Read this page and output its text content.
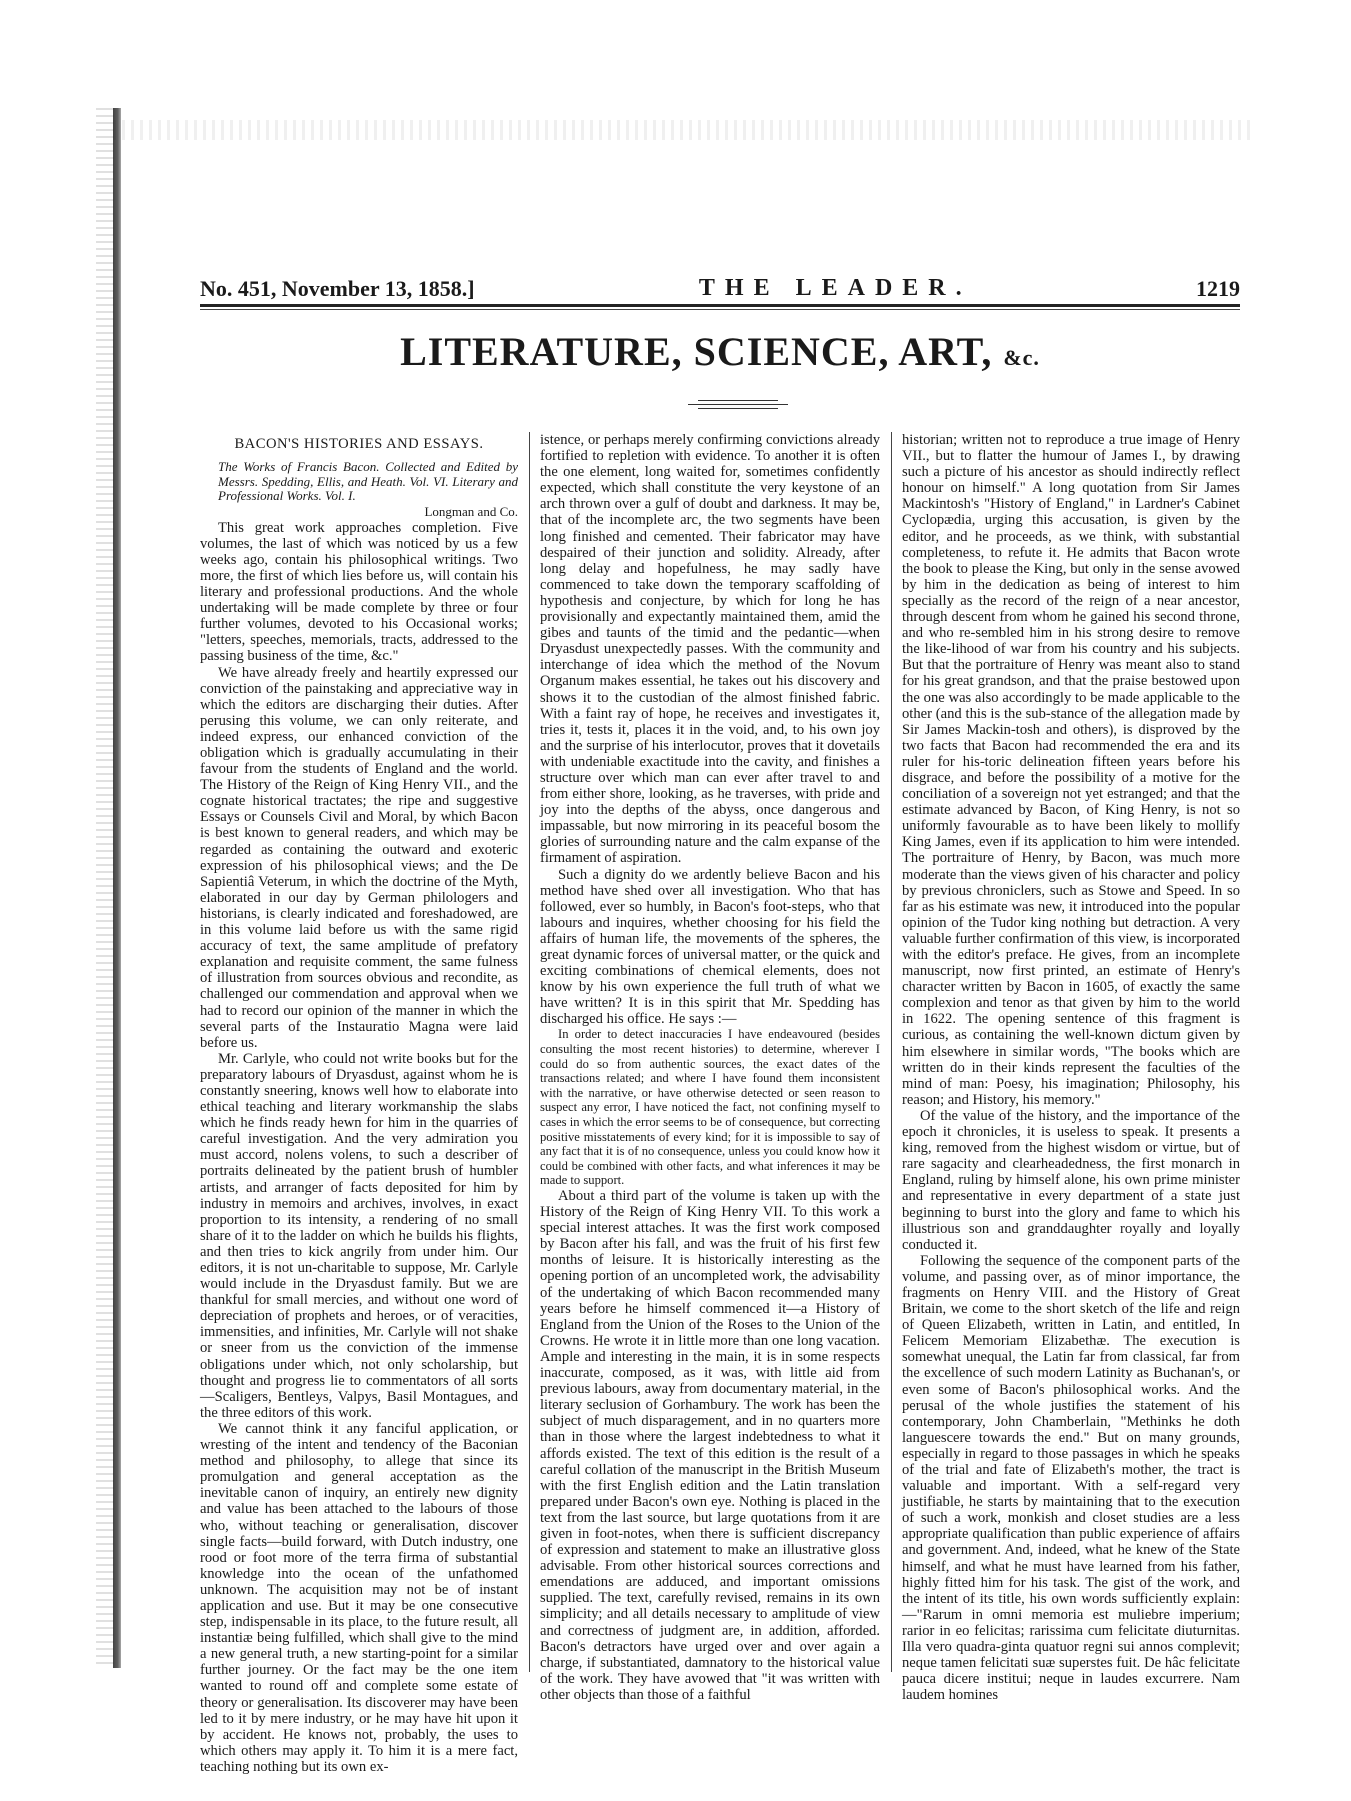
No. 451, November 13, 1858.]	THE LEADER.	1219
LITERATURE, SCIENCE, ART, &c.
BACON'S HISTORIES AND ESSAYS.

The Works of Francis Bacon. Collected and Edited by Messrs. Spedding, Ellis, and Heath. Vol. VI. Literary and Professional Works. Vol. I.

Longman and Co.

This great work approaches completion. Five volumes, the last of which was noticed by us a few weeks ago, contain his philosophical writings. Two more, the first of which lies before us, will contain his literary and professional productions. And the whole undertaking will be made complete by three or four further volumes, devoted to his Occasional works; "letters, speeches, memorials, tracts, addressed to the passing business of the time, &c."

We have already freely and heartily expressed our conviction of the painstaking and appreciative way in which the editors are discharging their duties. After perusing this volume, we can only reiterate, and indeed express, our enhanced conviction of the obligation which is gradually accumulating in their favour from the students of England and the world. The History of the Reign of King Henry VII., and the cognate historical tractates; the ripe and suggestive Essays or Counsels Civil and Moral, by which Bacon is best known to general readers, and which may be regarded as containing the outward and exoteric expression of his philosophical views; and the De Sapientiâ Veterum, in which the doctrine of the Myth, elaborated in our day by German philologers and historians, is clearly indicated and foreshadowed, are in this volume laid before us with the same rigid accuracy of text, the same amplitude of prefatory explanation and requisite comment, the same fulness of illustration from sources obvious and recondite, as challenged our commendation and approval when we had to record our opinion of the manner in which the several parts of the Instauratio Magna were laid before us.

Mr. Carlyle, who could not write books but for the preparatory labours of Dryasdust, against whom he is constantly sneering, knows well how to elaborate into ethical teaching and literary workmanship the slabs which he finds ready hewn for him in the quarries of careful investigation. And the very admiration you must accord, nolens volens, to such a describer of portraits delineated by the patient brush of humbler artists, and arranger of facts deposited for him by industry in memoirs and archives, involves, in exact proportion to its intensity, a rendering of no small share of it to the ladder on which he builds his flights, and then tries to kick angrily from under him. Our editors, it is not un-charitable to suppose, Mr. Carlyle would include in the Dryasdust family. But we are thankful for small mercies, and without one word of depreciation of prophets and heroes, or of veracities, immensities, and infinities, Mr. Carlyle will not shake or sneer from us the conviction of the immense obligations under which, not only scholarship, but thought and progress lie to commentators of all sorts—Scaligers, Bentleys, Valpys, Basil Montagues, and the three editors of this work.

We cannot think it any fanciful application, or wresting of the intent and tendency of the Baconian method and philosophy, to allege that since its promulgation and general acceptation as the inevitable canon of inquiry, an entirely new dignity and value has been attached to the labours of those who, without teaching or generalisation, discover single facts—build forward, with Dutch industry, one rood or foot more of the terra firma of substantial knowledge into the ocean of the unfathomed unknown. The acquisition may not be of instant application and use. But it may be one consecutive step, indispensable in its place, to the future result, all instantiæ being fulfilled, which shall give to the mind a new general truth, a new starting-point for a similar further journey. Or the fact may be the one item wanted to round off and complete some estate of theory or generalisation. Its discoverer may have been led to it by mere industry, or he may have hit upon it by accident. He knows not, probably, the uses to which others may apply it. To him it is a mere fact, teaching nothing but its own ex-

istence, or perhaps merely confirming convictions already fortified to repletion with evidence. To another it is often the one element, long waited for, sometimes confidently expected, which shall constitute the very keystone of an arch thrown over a gulf of doubt and darkness. It may be, that of the incomplete arc, the two segments have been long finished and cemented. Their fabricator may have despaired of their junction and solidity. Already, after long delay and hopefulness, he may sadly have commenced to take down the temporary scaffolding of hypothesis and conjecture, by which for long he has provisionally and expectantly maintained them, amid the gibes and taunts of the timid and the pedantic—when Dryasdust unexpectedly passes. With the community and interchange of idea which the method of the Novum Organum makes essential, he takes out his discovery and shows it to the custodian of the almost finished fabric. With a faint ray of hope, he receives and investigates it, tries it, tests it, places it in the void, and, to his own joy and the surprise of his interlocutor, proves that it dovetails with undeniable exactitude into the cavity, and finishes a structure over which man can ever after travel to and from either shore, looking, as he traverses, with pride and joy into the depths of the abyss, once dangerous and impassable, but now mirroring in its peaceful bosom the glories of surrounding nature and the calm expanse of the firmament of aspiration.

Such a dignity do we ardently believe Bacon and his method have shed over all investigation. Who that has followed, ever so humbly, in Bacon's foot-steps, who that labours and inquires, whether choosing for his field the affairs of human life, the movements of the spheres, the great dynamic forces of universal matter, or the quick and exciting combinations of chemical elements, does not know by his own experience the full truth of what we have written? It is in this spirit that Mr. Spedding has discharged his office. He says :—

In order to detect inaccuracies I have endeavoured (besides consulting the most recent histories) to determine, wherever I could do so from authentic sources, the exact dates of the transactions related; and where I have found them inconsistent with the narrative, or have otherwise detected or seen reason to suspect any error, I have noticed the fact, not confining myself to cases in which the error seems to be of consequence, but correcting positive misstatements of every kind; for it is impossible to say of any fact that it is of no consequence, unless you could know how it could be combined with other facts, and what inferences it may be made to support.

About a third part of the volume is taken up with the History of the Reign of King Henry VII. To this work a special interest attaches. It was the first work composed by Bacon after his fall, and was the fruit of his first few months of leisure. It is historically interesting as the opening portion of an uncompleted work, the advisability of the undertaking of which Bacon recommended many years before he himself commenced it—a History of England from the Union of the Roses to the Union of the Crowns. He wrote it in little more than one long vacation. Ample and interesting in the main, it is in some respects inaccurate, composed, as it was, with little aid from previous labours, away from documentary material, in the literary seclusion of Gorhambury. The work has been the subject of much disparagement, and in no quarters more than in those where the largest indebtedness to what it affords existed. The text of this edition is the result of a careful collation of the manuscript in the British Museum with the first English edition and the Latin translation prepared under Bacon's own eye. Nothing is placed in the text from the last source, but large quotations from it are given in foot-notes, when there is sufficient discrepancy of expression and statement to make an illustrative gloss advisable. From other historical sources corrections and emendations are adduced, and important omissions supplied. The text, carefully revised, remains in its own simplicity; and all details necessary to amplitude of view and correctness of judgment are, in addition, afforded. Bacon's detractors have urged over and over again a charge, if substantiated, damnatory to the historical value of the work. They have avowed that "it was written with other objects than those of a faithful

historian; written not to reproduce a true image of Henry VII., but to flatter the humour of James I., by drawing such a picture of his ancestor as should indirectly reflect honour on himself." A long quotation from Sir James Mackintosh's "History of England," in Lardner's Cabinet Cyclopædia, urging this accusation, is given by the editor, and he proceeds, as we think, with substantial completeness, to refute it. He admits that Bacon wrote the book to please the King, but only in the sense avowed by him in the dedication as being of interest to him specially as the record of the reign of a near ancestor, through descent from whom he gained his second throne, and who re-sembled him in his strong desire to remove the like-lihood of war from his country and his subjects. But that the portraiture of Henry was meant also to stand for his great grandson, and that the praise bestowed upon the one was also accordingly to be made applicable to the other (and this is the sub-stance of the allegation made by Sir James Mackin-tosh and others), is disproved by the two facts that Bacon had recommended the era and its ruler for his-toric delineation fifteen years before his disgrace, and before the possibility of a motive for the conciliation of a sovereign not yet estranged; and that the estimate advanced by Bacon, of King Henry, is not so uniformly favourable as to have been likely to mollify King James, even if its application to him were intended. The portraiture of Henry, by Bacon, was much more moderate than the views given of his character and policy by previous chroniclers, such as Stowe and Speed. In so far as his estimate was new, it introduced into the popular opinion of the Tudor king nothing but detraction. A very valuable further confirmation of this view, is incorporated with the editor's preface. He gives, from an incomplete manuscript, now first printed, an estimate of Henry's character written by Bacon in 1605, of exactly the same complexion and tenor as that given by him to the world in 1622. The opening sentence of this fragment is curious, as containing the well-known dictum given by him elsewhere in similar words, "The books which are written do in their kinds represent the faculties of the mind of man: Poesy, his imagination; Philosophy, his reason; and History, his memory."

Of the value of the history, and the importance of the epoch it chronicles, it is useless to speak. It presents a king, removed from the highest wisdom or virtue, but of rare sagacity and clearheadedness, the first monarch in England, ruling by himself alone, his own prime minister and representative in every department of a state just beginning to burst into the glory and fame to which his illustrious son and granddaughter royally and loyally conducted it.

Following the sequence of the component parts of the volume, and passing over, as of minor importance, the fragments on Henry VIII. and the History of Great Britain, we come to the short sketch of the life and reign of Queen Elizabeth, written in Latin, and entitled, In Felicem Memoriam Elizabethæ. The execution is somewhat unequal, the Latin far from classical, far from the excellence of such modern Latinity as Buchanan's, or even some of Bacon's philosophical works. And the perusal of the whole justifies the statement of his contemporary, John Chamberlain, "Methinks he doth languescere towards the end." But on many grounds, especially in regard to those passages in which he speaks of the trial and fate of Elizabeth's mother, the tract is valuable and important. With a self-regard very justifiable, he starts by maintaining that to the execution of such a work, monkish and closet studies are a less appropriate qualification than public experience of affairs and government. And, indeed, what he knew of the State himself, and what he must have learned from his father, highly fitted him for his task. The gist of the work, and the intent of its title, his own words sufficiently explain:—"Rarum in omni memoria est muliebre imperium; rarior in eo felicitas; rarissima cum felicitate diuturnitas. Illa vero quadra-ginta quatuor regni sui annos complevit; neque tamen felicitati suæ superstes fuit. De hâc felicitate pauca dicere institui; neque in laudes excurrere. Nam laudem homines
